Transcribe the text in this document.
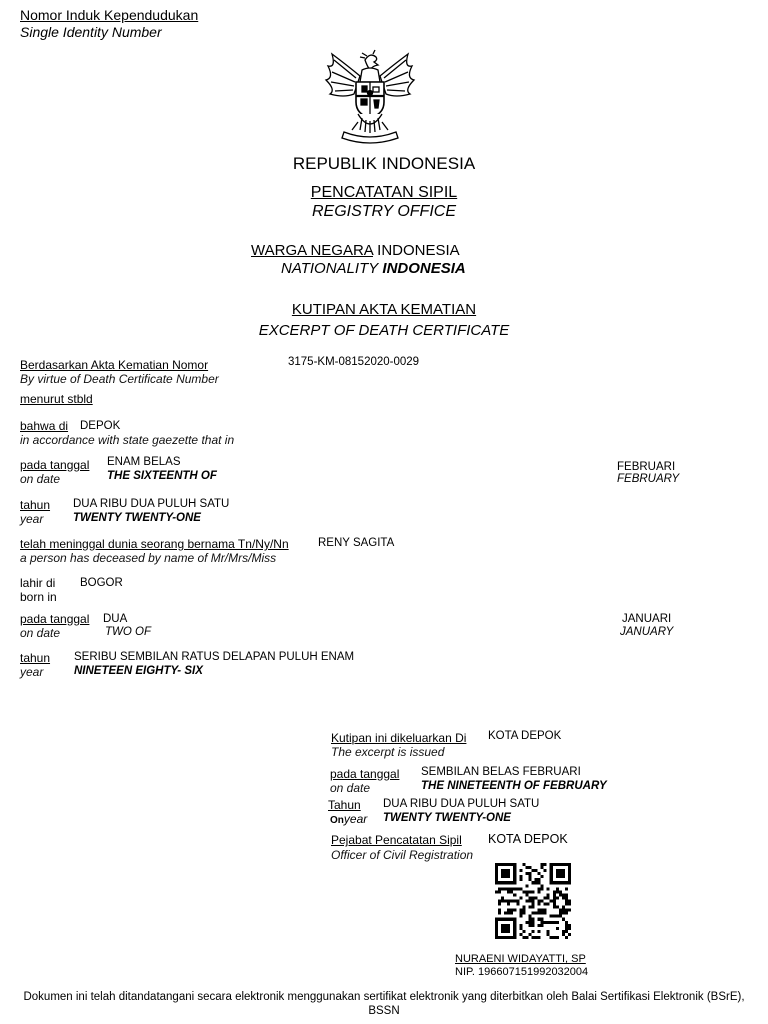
Nomor Induk Kependudukan
Single Identity Number
REPUBLIK INDONESIA
PENCATATAN SIPIL
REGISTRY OFFICE
WARGA NEGARA INDONESIA
NATIONALITY INDONESIA
KUTIPAN AKTA KEMATIAN
EXCERPT OF DEATH CERTIFICATE
Berdasarkan Akta Kematian Nomor
By virtue of Death Certificate Number
3175-KM-08152020-0029
menurut stbld
bahwa di DEPOK
in accordance with state gaezette that in
pada tanggal
on date
ENAM BELAS
THE SIXTEENTH OF
FEBRUARI
FEBRUARY
tahun
year
DUA RIBU DUA PULUH SATU
TWENTY TWENTY-ONE
telah meninggal dunia seorang bernama Tn/Ny/Nn	RENY SAGITA
a person has deceased by name of Mr/Mrs/Miss
lahir di
born in
BOGOR
pada tanggal
on date
DUA
TWO OF
JANUARI
JANUARY
tahun
year
SERIBU SEMBILAN RATUS DELAPAN PULUH ENAM
NINETEEN EIGHTY- SIX
Kutipan ini dikeluarkan Di
The excerpt is issued
KOTA DEPOK
pada tanggal
on date
SEMBILAN BELAS FEBRUARI
THE NINETEENTH OF FEBRUARY
Tahun
Onyear
DUA RIBU DUA PULUH SATU
TWENTY TWENTY-ONE
Pejabat Pencatatan Sipil
Officer of Civil Registration
KOTA DEPOK
NURAENI WIDAYATTI, SP
NIP. 196607151992032004
Dokumen ini telah ditandatangani secara elektronik menggunakan sertifikat elektronik yang diterbitkan oleh Balai Sertifikasi Elektronik (BSrE), BSSN
